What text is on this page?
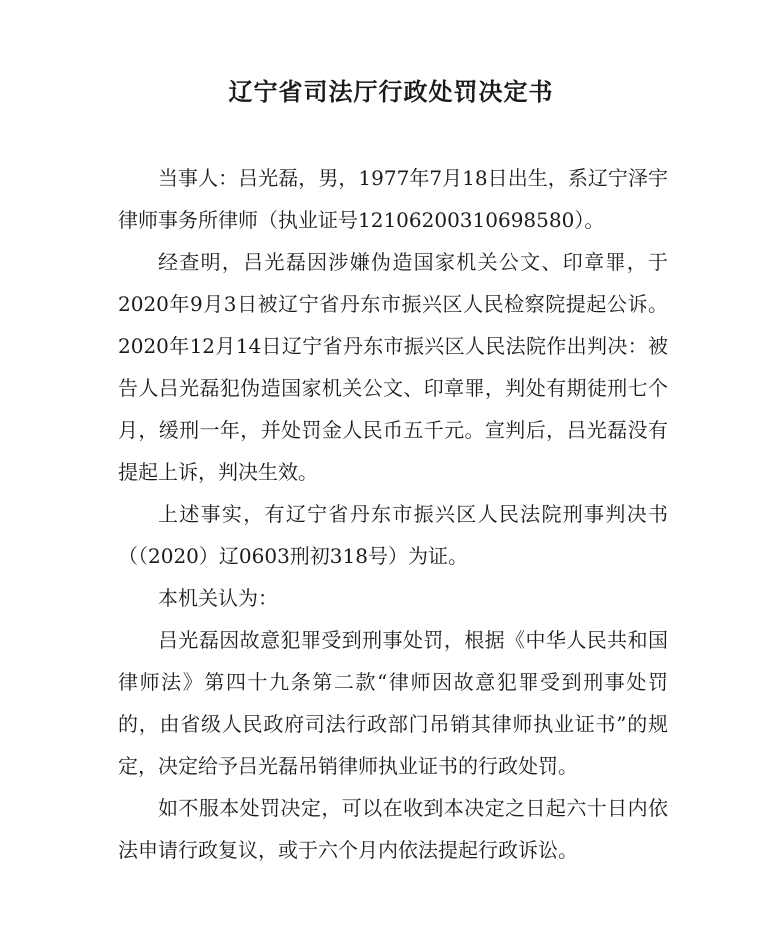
辽宁省司法厅行政处罚决定书

当事人：吕光磊，男，1977年7月18日出生，系辽宁泽宇律师事务所律师（执业证号12106200310698580）。

经查明，吕光磊因涉嫌伪造国家机关公文、印章罪，于2020年9月3日被辽宁省丹东市振兴区人民检察院提起公诉。2020年12月14日辽宁省丹东市振兴区人民法院作出判决：被告人吕光磊犯伪造国家机关公文、印章罪，判处有期徒刑七个月，缓刑一年，并处罚金人民币五千元。宣判后，吕光磊没有提起上诉，判决生效。

上述事实，有辽宁省丹东市振兴区人民法院刑事判决书（（2020）辽0603刑初318号）为证。

本机关认为：

吕光磊因故意犯罪受到刑事处罚，根据《中华人民共和国律师法》第四十九条第二款“律师因故意犯罪受到刑事处罚的，由省级人民政府司法行政部门吊销其律师执业证书”的规定，决定给予吕光磊吊销律师执业证书的行政处罚。

如不服本处罚决定，可以在收到本决定之日起六十日内依法申请行政复议，或于六个月内依法提起行政诉讼。
